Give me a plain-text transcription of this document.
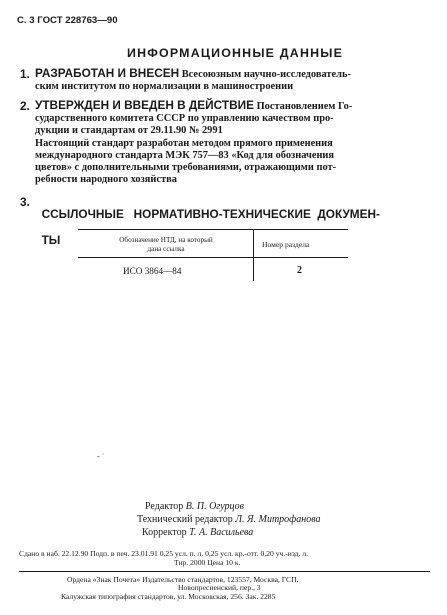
С. 3 ГОСТ 228763—90
ИНФОРМАЦИОННЫЕ ДАННЫЕ
1. РАЗРАБОТАН И ВНЕСЕН Всесоюзным научно-исследователь-
ским институтом по нормализации в машиностроении
2. УТВЕРЖДЕН И ВВЕДЕН В ДЕЙСТВИЕ Постановлением Го-
сударственного комитета СССР по управлению качеством про-
дукции и стандартам от 29.11.90 № 2991
Настоящий стандарт разработан методом прямого применения
международного стандарта МЭК 757—83 «Код для обозначения
цветов» с дополнительными требованиями, отражающими пот-
ребности народного хозяйства
3.

ССЫЛОЧНЫЕ   НОРМАТИВНО-ТЕХНИЧЕСКИЕ  ДОКУМЕН-

ТЫ	Обозначение НТД, на который
дана ссылка	Номер раздела
ИСО 3864—84	2
- ˈ
Редактор В. П. Огурцов
Технический редактор Л. Я. Митрофанова
Корректор Т. А. Васильева
Сдано в наб. 22.12.90 Подп. в печ. 23.01.91 0,25 усл. п. л. 0,25 усл. кр.-отт. 0,20 уч.-изд. л.
Тир. 2000 Цена 10 к.
Ордена «Знак Почета» Издательство стандартов, 123557, Москва, ГСП,
Новопресненский, пер., 3
Калужская типография стандартов, ул. Московская, 256. Зак. 2285
